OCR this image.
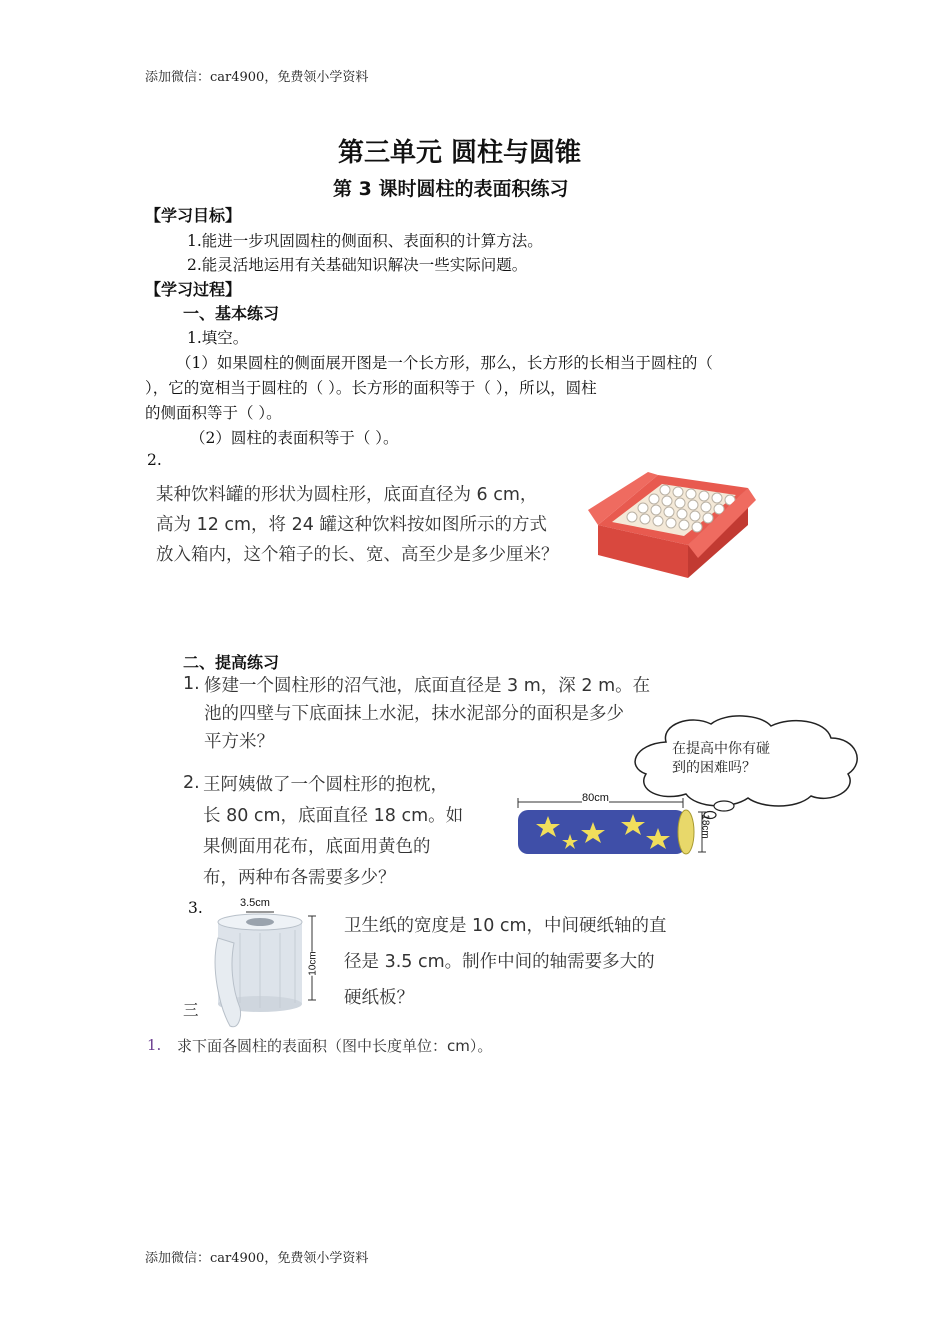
添加微信：car4900，免费领小学资料
第三单元 圆柱与圆锥
第 3 课时圆柱的表面积练习
【学习目标】
1.能进一步巩固圆柱的侧面积、表面积的计算方法。
2.能灵活地运用有关基础知识解决一些实际问题。
【学习过程】
一、基本练习
1.填空。
（1）如果圆柱的侧面展开图是一个长方形，那么，长方形的长相当于圆柱的（
），它的宽相当于圆柱的（ ）。长方形的面积等于（ ），所以，圆柱
的侧面积等于（ ）。
（2）圆柱的表面积等于（ ）。
2.
某种饮料罐的形状为圆柱形，底面直径为 6 cm，
高为 12 cm，将 24 罐这种饮料按如图所示的方式
放入箱内，这个箱子的长、宽、高至少是多少厘米？
二、提高练习
1. 修建一个圆柱形的沼气池，底面直径是 3 m，深 2 m。在
池的四壁与下底面抹上水泥，抹水泥部分的面积是多少
平方米？	在提高中你有碰
到的困难吗？
2. 王阿姨做了一个圆柱形的抱枕，
长 80 cm，底面直径 18 cm。如
果侧面用花布，底面用黄色的
布，两种布各需要多少？
80cm
18cm
3.	3.5cm
10cm
卫生纸的宽度是 10 cm，中间硬纸轴的直
径是 3.5 cm。制作中间的轴需要多大的
硬纸板？
三
1. 求下面各圆柱的表面积（图中长度单位：cm）。
添加微信：car4900，免费领小学资料
